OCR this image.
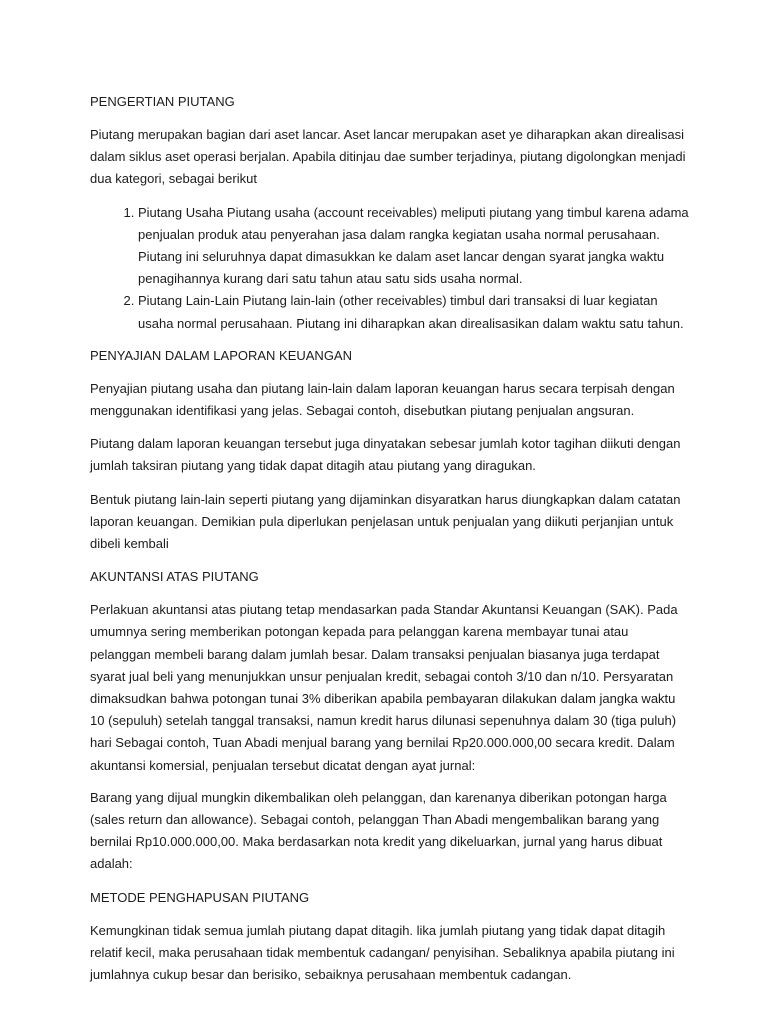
PENGERTIAN PIUTANG

Piutang merupakan bagian dari aset lancar. Aset lancar merupakan aset ye diharapkan akan direalisasi dalam siklus aset operasi berjalan. Apabila ditinjau dae sumber terjadinya, piutang digolongkan menjadi dua kategori, sebagai berikut

1. Piutang Usaha Piutang usaha (account receivables) meliputi piutang yang timbul karena adama penjualan produk atau penyerahan jasa dalam rangka kegiatan usaha normal perusahaan. Piutang ini seluruhnya dapat dimasukkan ke dalam aset lancar dengan syarat jangka waktu penagihannya kurang dari satu tahun atau satu sids usaha normal.
2. Piutang Lain-Lain Piutang lain-lain (other receivables) timbul dari transaksi di luar kegiatan usaha normal perusahaan. Piutang ini diharapkan akan direalisasikan dalam waktu satu tahun.
PENYAJIAN DALAM LAPORAN KEUANGAN

Penyajian piutang usaha dan piutang lain-lain dalam laporan keuangan harus secara terpisah dengan menggunakan identifikasi yang jelas. Sebagai contoh, disebutkan piutang penjualan angsuran.

Piutang dalam laporan keuangan tersebut juga dinyatakan sebesar jumlah kotor tagihan diikuti dengan jumlah taksiran piutang yang tidak dapat ditagih atau piutang yang diragukan.

Bentuk piutang lain-lain seperti piutang yang dijaminkan disyaratkan harus diungkapkan dalam catatan laporan keuangan. Demikian pula diperlukan penjelasan untuk penjualan yang diikuti perjanjian untuk dibeli kembali

AKUNTANSI ATAS PIUTANG

Perlakuan akuntansi atas piutang tetap mendasarkan pada Standar Akuntansi Keuangan (SAK). Pada umumnya sering memberikan potongan kepada para pelanggan karena membayar tunai atau pelanggan membeli barang dalam jumlah besar. Dalam transaksi penjualan biasanya juga terdapat syarat jual beli yang menunjukkan unsur penjualan kredit, sebagai contoh 3/10 dan n/10. Persyaratan dimaksudkan bahwa potongan tunai 3% diberikan apabila pembayaran dilakukan dalam jangka waktu 10 (sepuluh) setelah tanggal transaksi, namun kredit harus dilunasi sepenuhnya dalam 30 (tiga puluh) hari Sebagai contoh, Tuan Abadi menjual barang yang bernilai Rp20.000.000,00 secara kredit. Dalam akuntansi komersial, penjualan tersebut dicatat dengan ayat jurnal:

Barang yang dijual mungkin dikembalikan oleh pelanggan, dan karenanya diberikan potongan harga (sales return dan allowance). Sebagai contoh, pelanggan Than Abadi mengembalikan barang yang bernilai Rp10.000.000,00. Maka berdasarkan nota kredit yang dikeluarkan, jurnal yang harus dibuat adalah:

METODE PENGHAPUSAN PIUTANG

Kemungkinan tidak semua jumlah piutang dapat ditagih. lika jumlah piutang yang tidak dapat ditagih relatif kecil, maka perusahaan tidak membentuk cadangan/ penyisihan. Sebaliknya apabila piutang ini jumlahnya cukup besar dan berisiko, sebaiknya perusahaan membentuk cadangan.
